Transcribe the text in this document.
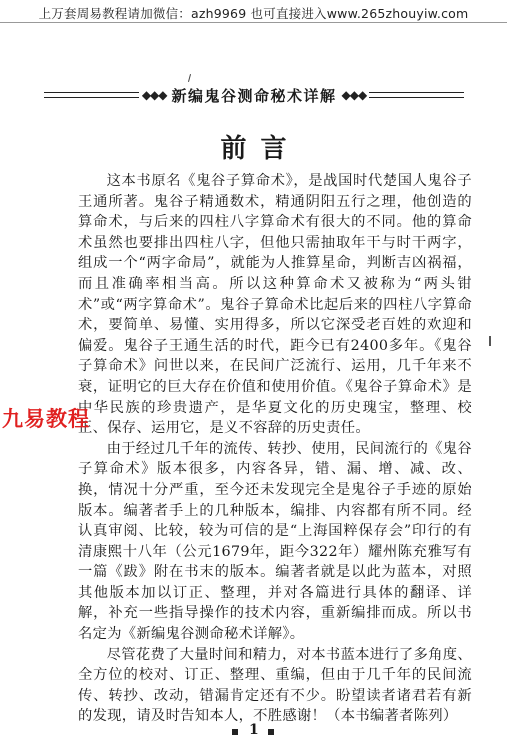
上万套周易教程请加微信：azh9969 也可直接进入www.265zhouyiw.com
◆◆◆ 新编鬼谷测命秘术详解 ◆◆◆
前言

这本书原名《鬼谷子算命术》，是战国时代楚国人鬼谷子王通所著。鬼谷子精通数术，精通阴阳五行之理，他创造的算命术，与后来的四柱八字算命术有很大的不同。他的算命术虽然也要排出四柱八字，但他只需抽取年干与时干两字，组成一个“两字命局”，就能为人推算星命，判断吉凶祸福，而且准确率相当高。所以这种算命术又被称为“两头钳术”或“两字算命术”。鬼谷子算命术比起后来的四柱八字算命术，要简单、易懂、实用得多，所以它深受老百姓的欢迎和偏爱。鬼谷子王通生活的时代，距今已有2400多年。《鬼谷子算命术》问世以来，在民间广泛流行、运用，几千年来不衰，证明它的巨大存在价值和使用价值。《鬼谷子算命术》是中华民族的珍贵遗产，是华夏文化的历史瑰宝，整理、校正、保存、运用它，是义不容辞的历史责任。

由于经过几千年的流传、转抄、使用，民间流行的《鬼谷子算命术》版本很多，内容各异，错、漏、增、减、改、换，情况十分严重，至今还未发现完全是鬼谷子手迹的原始版本。编著者手上的几种版本，编排、内容都有所不同。经认真审阅、比较，较为可信的是“上海国粹保存会”印行的有清康熙十八年（公元1679年，距今322年）耀州陈充雅写有一篇《跋》附在书末的版本。编著者就是以此为蓝本，对照其他版本加以订正、整理，并对各篇进行具体的翻译、详解，补充一些指导操作的技术内容，重新编排而成。所以书名定为《新编鬼谷测命秘术详解》。

尽管花费了大量时间和精力，对本书蓝本进行了多角度、全方位的校对、订正、整理、重编，但由于几千年的民间流传、转抄、改动，错漏肯定还有不少。盼望读者诸君若有新的发现，请及时告知本人，不胜感谢！（本书编著者陈列）

九易教程
1
